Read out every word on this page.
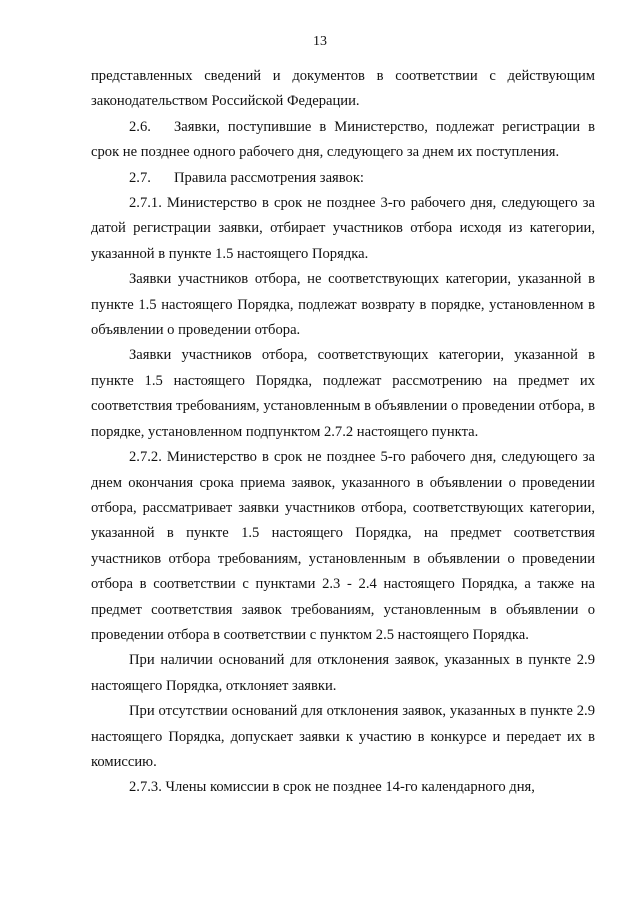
13

представленных сведений и документов в соответствии с действующим законодательством Российской Федерации.

2.6. Заявки, поступившие в Министерство, подлежат регистрации в срок не позднее одного рабочего дня, следующего за днем их поступления.

2.7. Правила рассмотрения заявок:

2.7.1. Министерство в срок не позднее 3-го рабочего дня, следующего за датой регистрации заявки, отбирает участников отбора исходя из категории, указанной в пункте 1.5 настоящего Порядка.

Заявки участников отбора, не соответствующих категории, указанной в пункте 1.5 настоящего Порядка, подлежат возврату в порядке, установленном в объявлении о проведении отбора.

Заявки участников отбора, соответствующих категории, указанной в пункте 1.5 настоящего Порядка, подлежат рассмотрению на предмет их соответствия требованиям, установленным в объявлении о проведении отбора, в порядке, установленном подпунктом 2.7.2 настоящего пункта.

2.7.2. Министерство в срок не позднее 5-го рабочего дня, следующего за днем окончания срока приема заявок, указанного в объявлении о проведении отбора, рассматривает заявки участников отбора, соответствующих категории, указанной в пункте 1.5 настоящего Порядка, на предмет соответствия участников отбора требованиям, установленным в объявлении о проведении отбора в соответствии с пунктами 2.3 - 2.4 настоящего Порядка, а также на предмет соответствия заявок требованиям, установленным в объявлении о проведении отбора в соответствии с пунктом 2.5 настоящего Порядка.

При наличии оснований для отклонения заявок, указанных в пункте 2.9 настоящего Порядка, отклоняет заявки.

При отсутствии оснований для отклонения заявок, указанных в пункте 2.9 настоящего Порядка, допускает заявки к участию в конкурсе и передает их в комиссию.

2.7.3. Члены комиссии в срок не позднее 14-го календарного дня,
